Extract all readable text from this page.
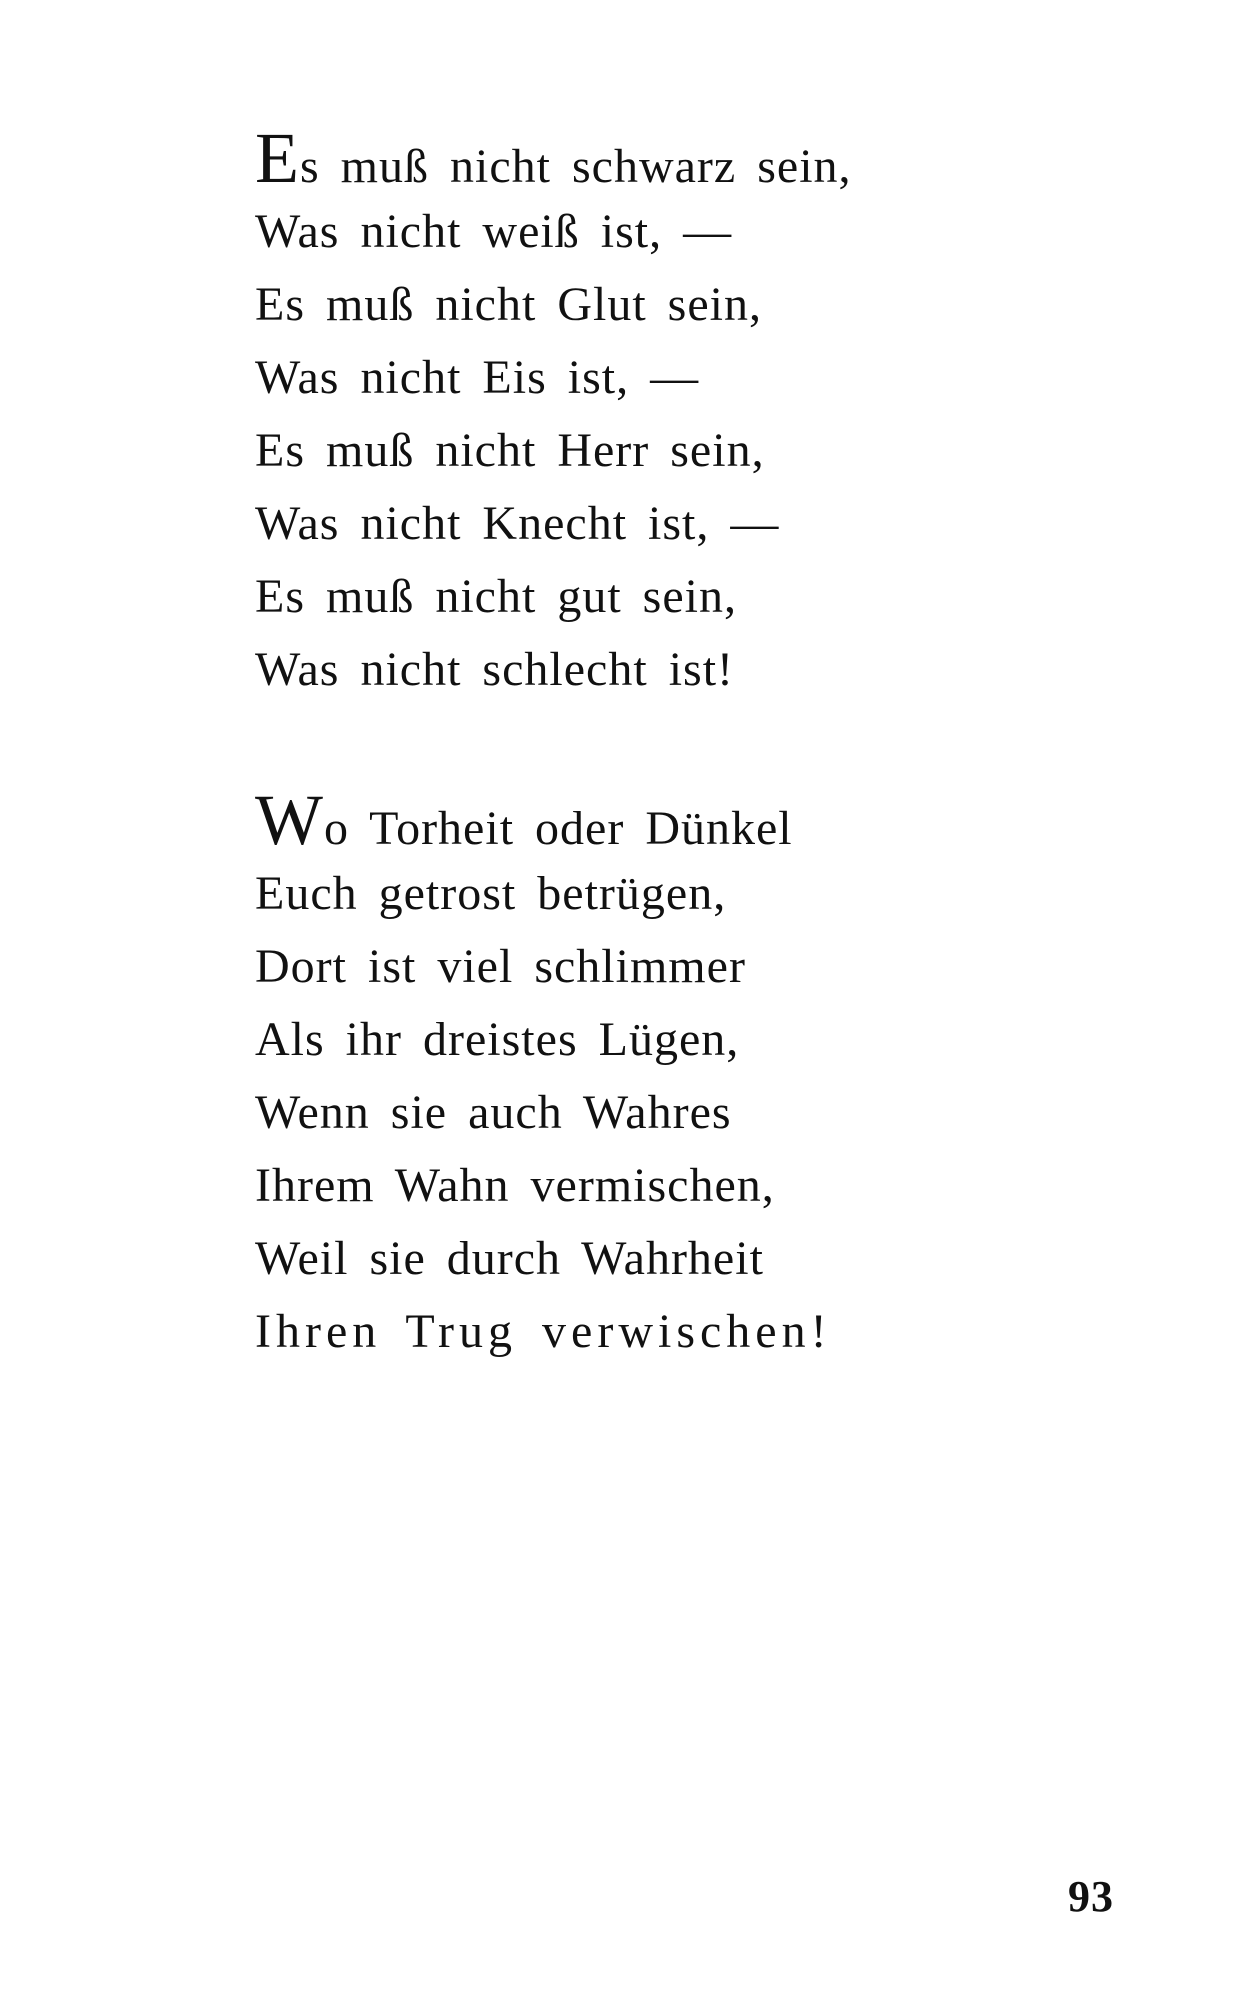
Es muß nicht schwarz sein,
Was nicht weiß ist, —
Es muß nicht Glut sein,
Was nicht Eis ist, —
Es muß nicht Herr sein,
Was nicht Knecht ist, —
Es muß nicht gut sein,
Was nicht schlecht ist!
Wo Torheit oder Dünkel
Euch getrost betrügen,
Dort ist viel schlimmer
Als ihr dreistes Lügen,
Wenn sie auch Wahres
Ihrem Wahn vermischen,
Weil sie durch Wahrheit
Ihren Trug verwischen!
93
